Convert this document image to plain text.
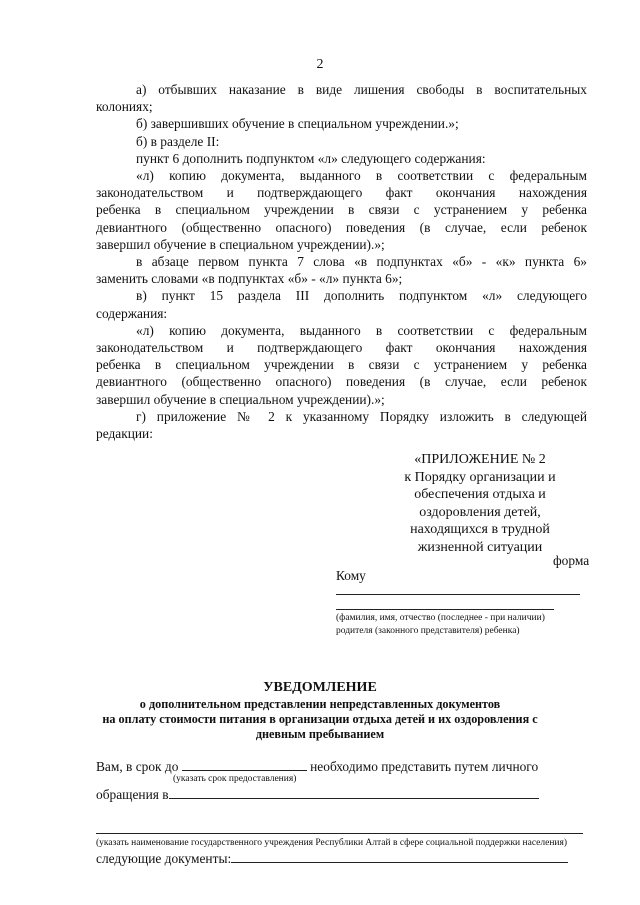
2
а) отбывших наказание в виде лишения свободы в воспитательных
колониях;
б) завершивших обучение в специальном учреждении.»;
б) в разделе II:
пункт 6 дополнить подпунктом «л» следующего содержания:
«л) копию документа, выданного в соответствии с федеральным
законодательством и подтверждающего факт окончания нахождения
ребенка в специальном учреждении в связи с устранением у ребенка
девиантного (общественно опасного) поведения (в случае, если ребенок
завершил обучение в специальном учреждении).»;
в абзаце первом пункта 7 слова «в подпунктах «б» - «к» пункта 6»
заменить словами «в подпунктах «б» - «л» пункта 6»;
в) пункт 15 раздела III дополнить подпунктом «л» следующего
содержания:
«л) копию документа, выданного в соответствии с федеральным
законодательством и подтверждающего факт окончания нахождения
ребенка в специальном учреждении в связи с устранением у ребенка
девиантного (общественно опасного) поведения (в случае, если ребенок
завершил обучение в специальном учреждении).»;
г) приложение № 2 к указанному Порядку изложить в следующей
редакции:
«ПРИЛОЖЕНИЕ № 2
к Порядку организации и
обеспечения отдыха и
оздоровления детей,
находящихся в трудной
жизненной ситуации
форма
Кому
(фамилия, имя, отчество (последнее - при наличии)
родителя (законного представителя) ребенка)
УВЕДОМЛЕНИЕ
о дополнительном представлении непредставленных документов
на оплату стоимости питания в организации отдыха детей и их оздоровления с
дневным пребыванием
Вам, в срок до	необходимо представить путем личного
(указать срок предоставления)
обращения в
(указать наименование государственного учреждения Республики Алтай в сфере социальной поддержки населения)
следующие документы:
